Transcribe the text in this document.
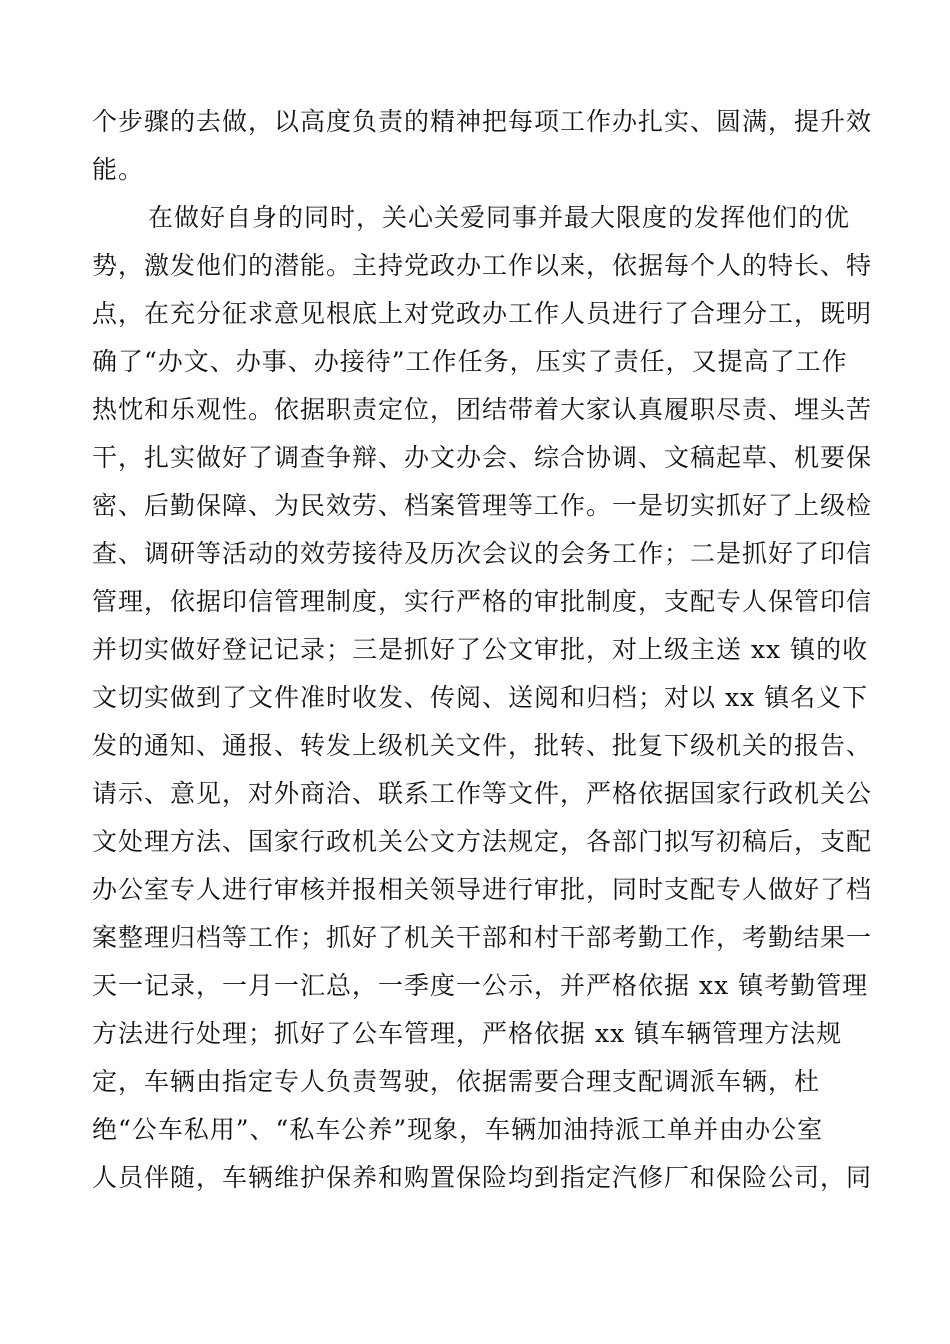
个步骤的去做，以高度负责的精神把每项工作办扎实、圆满，提升效
能。
在做好自身的同时，关心关爱同事并最大限度的发挥他们的优
势，激发他们的潜能。主持党政办工作以来，依据每个人的特长、特
点，在充分征求意见根底上对党政办工作人员进行了合理分工，既明
确了“办文、办事、办接待”工作任务，压实了责任，又提高了工作
热忱和乐观性。依据职责定位，团结带着大家认真履职尽责、埋头苦
干，扎实做好了调查争辩、办文办会、综合协调、文稿起草、机要保
密、后勤保障、为民效劳、档案管理等工作。一是切实抓好了上级检
查、调研等活动的效劳接待及历次会议的会务工作；二是抓好了印信
管理，依据印信管理制度，实行严格的审批制度，支配专人保管印信
并切实做好登记记录；三是抓好了公文审批，对上级主送 xx 镇的收
文切实做到了文件准时收发、传阅、送阅和归档；对以 xx 镇名义下
发的通知、通报、转发上级机关文件，批转、批复下级机关的报告、
请示、意见，对外商洽、联系工作等文件，严格依据国家行政机关公
文处理方法、国家行政机关公文方法规定，各部门拟写初稿后，支配
办公室专人进行审核并报相关领导进行审批，同时支配专人做好了档
案整理归档等工作；抓好了机关干部和村干部考勤工作，考勤结果一
天一记录，一月一汇总，一季度一公示，并严格依据 xx 镇考勤管理
方法进行处理；抓好了公车管理，严格依据 xx 镇车辆管理方法规
定，车辆由指定专人负责驾驶，依据需要合理支配调派车辆，杜
绝“公车私用”、“私车公养”现象，车辆加油持派工单并由办公室
人员伴随，车辆维护保养和购置保险均到指定汽修厂和保险公司，同
